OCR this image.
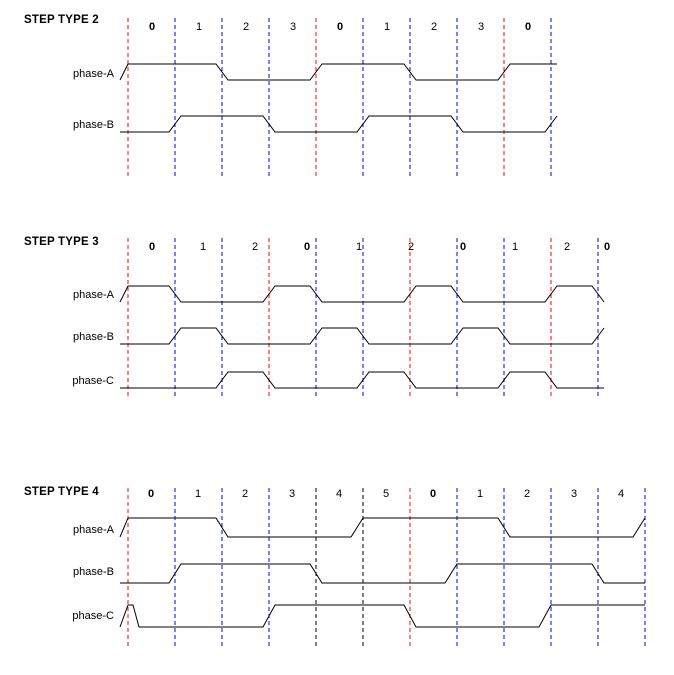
STEP TYPE 2
phase-A
phase-B
0	1	2	3	0	1	2	3	0
STEP TYPE 3
phase-A
phase-B
phase-C
0	1	2	0	1	2	0	1	2	0
STEP TYPE 4
phase-A
phase-B
phase-C
0	1	2	3	4	5	0	1	2	3	4
